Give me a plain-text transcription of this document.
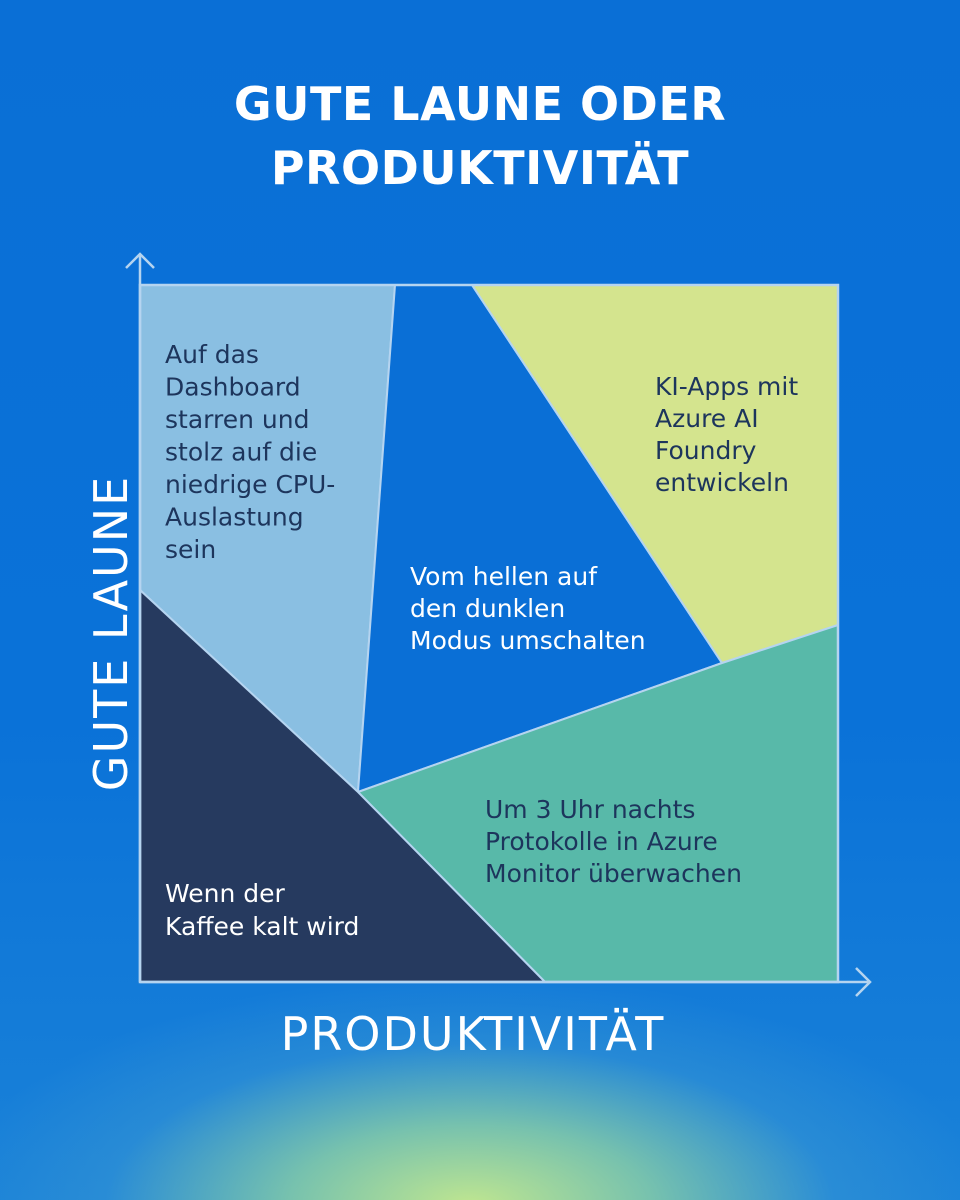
GUTE LAUNE ODER
PRODUKTIVITÄT
Auf das Dashboard starren und stolz auf die niedrige CPU- Auslastung sein
Vom hellen auf den dunklen Modus umschalten
KI-Apps mit Azure AI Foundry entwickeln
Um 3 Uhr nachts Protokolle in Azure Monitor überwachen
Wenn der Kaffee kalt wird
GUTE LAUNE
PRODUKTIVITÄT
